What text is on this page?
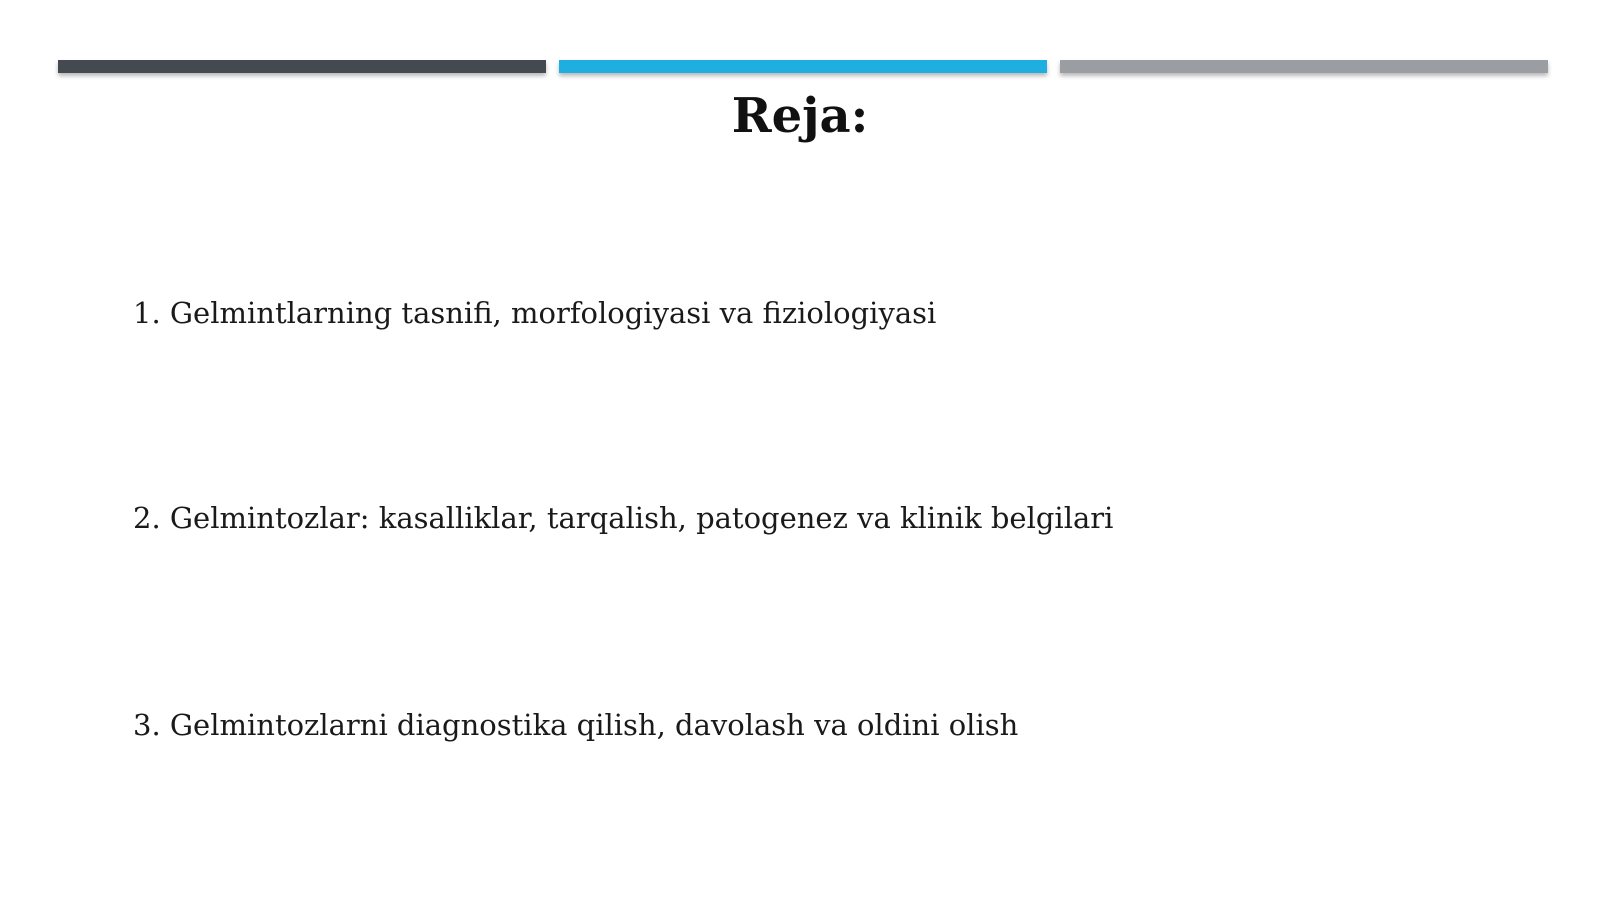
Reja:
1. Gelmintlarning tasnifi, morfologiyasi va fiziologiyasi
2. Gelmintozlar: kasalliklar, tarqalish, patogenez va klinik belgilari
3. Gelmintozlarni diagnostika qilish, davolash va oldini olish
